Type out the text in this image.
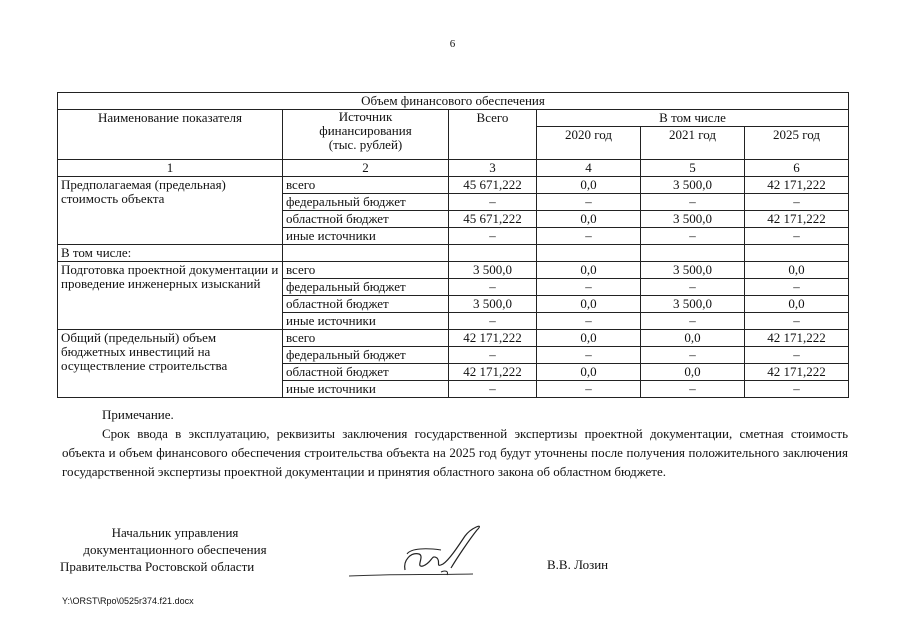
6
Объем финансового обеспечения					
Наименование показателя	Источник финансирования (тыс. рублей)	Всего	В том числе		
			2020 год	2021 год	2025 год
1	2	3	4	5	6
Предполагаемая (предельная) стоимость объекта	всего	45 671,222	0,0	3 500,0	42 171,222
	федеральный бюджет	–	–	–	–
	областной бюджет	45 671,222	0,0	3 500,0	42 171,222
	иные источники	–	–	–	–
В том числе:					
Подготовка проектной документации и проведение инженерных изысканий	всего	3 500,0	0,0	3 500,0	0,0
	федеральный бюджет	–	–	–	–
	областной бюджет	3 500,0	0,0	3 500,0	0,0
	иные источники	–	–	–	–
Общий (предельный) объем бюджетных инвестиций на осуществление строительства	всего	42 171,222	0,0	0,0	42 171,222
	федеральный бюджет	–	–	–	–
	областной бюджет	42 171,222	0,0	0,0	42 171,222
	иные источники	–	–	–	–
Примечание.

Срок ввода в эксплуатацию, реквизиты заключения государственной экспертизы проектной документации, сметная стоимость объекта и объем финансового обеспечения строительства объекта на 2025 год будут уточнены после получения положительного заключения государственной экспертизы проектной документации и принятия областного закона об областном бюджете.

Начальник управления
документационного обеспечения
Правительства Ростовской области	В.В. Лозин
Y:\ORST\Rpo\0525r374.f21.docx
